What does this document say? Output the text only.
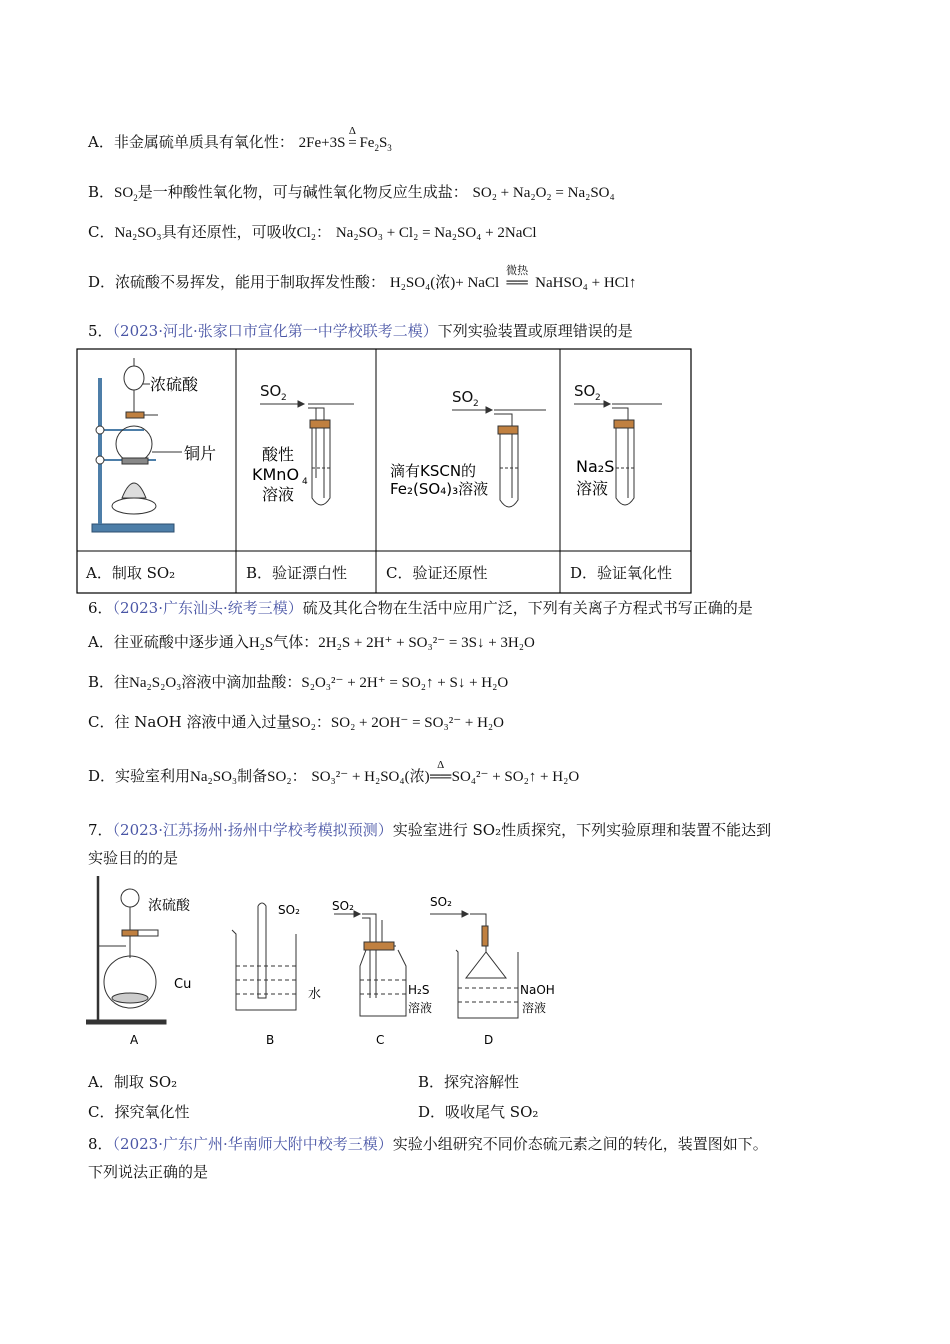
A．非金属硫单质具有氧化性： 2Fe+3S
Δ
= $Fe_2S_3$
B．$SO_2$是一种酸性氧化物，可与碱性氧化物反应生成盐： SO₂ + Na₂O₂ = Na₂SO₄
C．Na₂SO₃具有还原性，可吸收Cl₂： Na₂SO₃ + Cl₂ = Na₂SO₄ + 2NaCl
D．浓硫酸不易挥发，能用于制取挥发性酸： H₂SO₄(浓)+ NaCl
微热
══ NaHSO₄ + HCl↑
5．（2023·河北·张家口市宣化第一中学校联考二模）下列实验装置或原理错误的是
浓硫酸
铜片
SO 2
酸性
KMnO 4
溶液
SO 2
滴有KSCN的
Fe₂(SO₄)₃溶液
SO 2
Na₂S
溶液
A．制取 SO₂	B．验证漂白性	C．验证还原性	D．验证氧化性
6．（2023·广东汕头·统考三模）硫及其化合物在生活中应用广泛，下列有关离子方程式书写正确的是
A．往亚硫酸中逐步通入H₂S气体：2H₂S + 2H⁺ + SO₃²⁻ = 3S↓ + 3H₂O
B．往Na₂S₂O₃溶液中滴加盐酸：S₂O₃²⁻ + 2H⁺ = SO₂↑ + S↓ + H₂O
C．往 NaOH 溶液中通入过量SO₂：SO₂ + 2OH⁻ = SO₃²⁻ + H₂O
D．实验室利用Na₂SO₃制备SO₂： SO₃²⁻ + H₂SO₄(浓)
Δ
══SO₄²⁻ + SO₂↑ + H₂O
7．（2023·江苏扬州·扬州中学校考模拟预测）实验室进行 SO₂性质探究，下列实验原理和装置不能达到
实验目的的是
浓硫酸
Cu
A
SO₂
水
B
SO₂
H₂S
溶液
C
SO₂
NaOH
溶液
D
A．制取 SO₂	B．探究溶解性
C．探究氧化性	D．吸收尾气 SO₂
8．（2023·广东广州·华南师大附中校考三模）实验小组研究不同价态硫元素之间的转化，装置图如下。
下列说法正确的是
